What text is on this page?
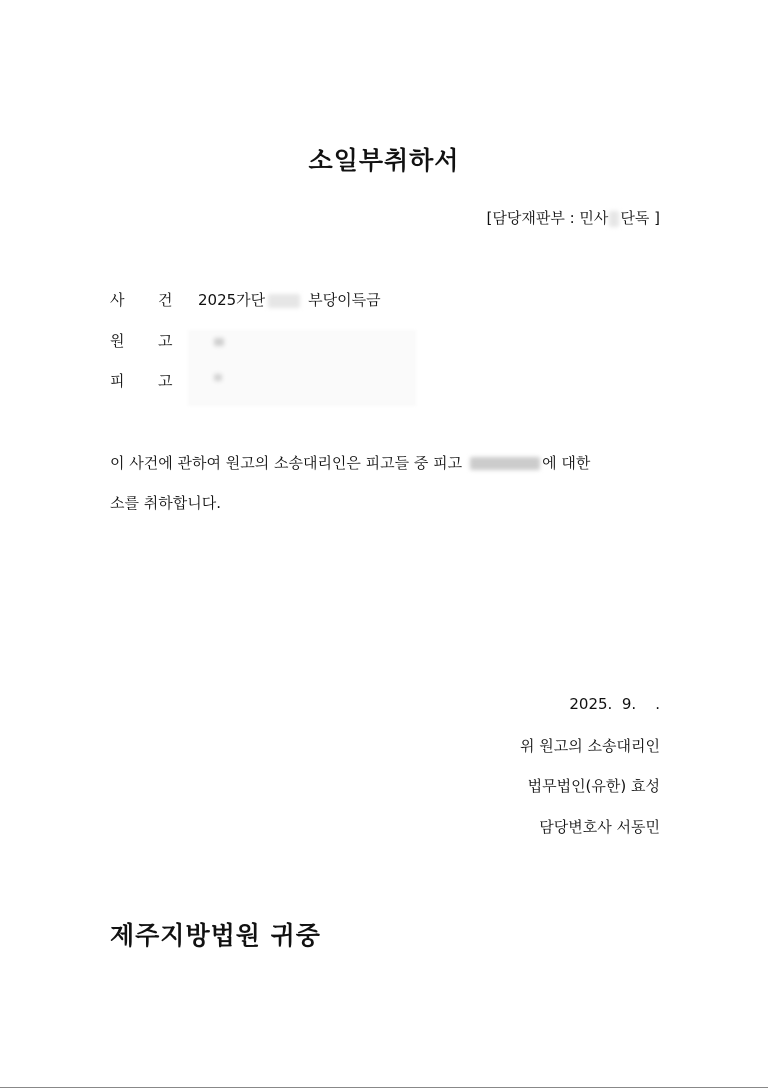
소일부취하서
[담당재판부 : 민사 단독 ]
사 건 2025가단	부당이득금
원 고
피 고
이 사건에 관하여 원고의 소송대리인은 피고들 중 피고	에 대한
소를 취하합니다.
2025.  9.    .
위 원고의 소송대리인
법무법인(유한) 효성
담당변호사 서동민
제주지방법원 귀중
